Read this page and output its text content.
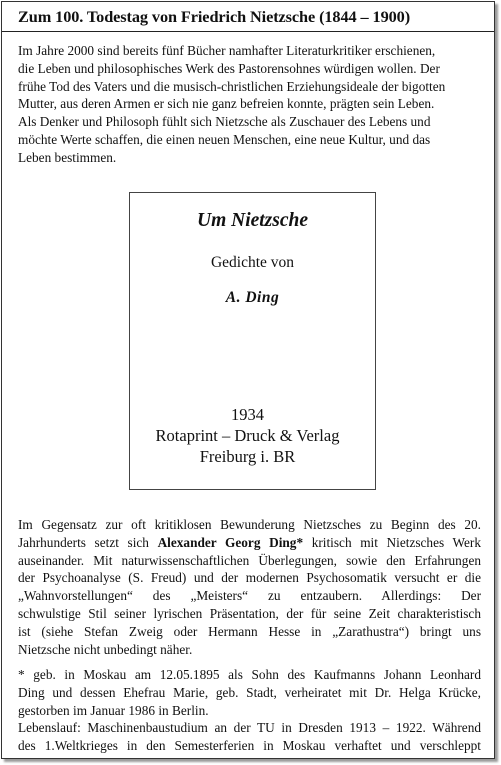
Zum 100. Todestag von Friedrich Nietzsche (1844 – 1900)
Im Jahre 2000 sind bereits fünf Bücher namhafter Literaturkritiker erschienen,
die Leben und philosophisches Werk des Pastorensohnes würdigen wollen. Der
frühe Tod des Vaters und die musisch-christlichen Erziehungsideale der bigotten
Mutter, aus deren Armen er sich nie ganz befreien konnte, prägten sein Leben.
Als Denker und Philosoph fühlt sich Nietzsche als Zuschauer des Lebens und
möchte Werte schaffen, die einen neuen Menschen, eine neue Kultur, und das
Leben bestimmen.
Um Nietzsche
Gedichte von
A. Ding
1934
Rotaprint – Druck & Verlag
Freiburg i. BR
Im Gegensatz zur oft kritiklosen Bewunderung Nietzsches zu Beginn des 20.
Jahrhunderts setzt sich Alexander Georg Ding* kritisch mit Nietzsches Werk
auseinander. Mit naturwissenschaftlichen Überlegungen, sowie den Erfahrungen
der Psychoanalyse (S. Freud) und der modernen Psychosomatik versucht er die
„Wahnvorstellungen“ des „Meisters“ zu entzaubern. Allerdings: Der
schwulstige Stil seiner lyrischen Präsentation, der für seine Zeit charakteristisch
ist (siehe Stefan Zweig oder Hermann Hesse in „Zarathustra“) bringt uns
Nietzsche nicht unbedingt näher.
* geb. in Moskau am 12.05.1895 als Sohn des Kaufmanns Johann Leonhard
Ding und dessen Ehefrau Marie, geb. Stadt, verheiratet mit Dr. Helga Krücke,
gestorben im Januar 1986 in Berlin.
Lebenslauf: Maschinenbaustudium an der TU in Dresden 1913 – 1922. Während
des 1.Weltkrieges in den Semesterferien in Moskau verhaftet und verschleppt
